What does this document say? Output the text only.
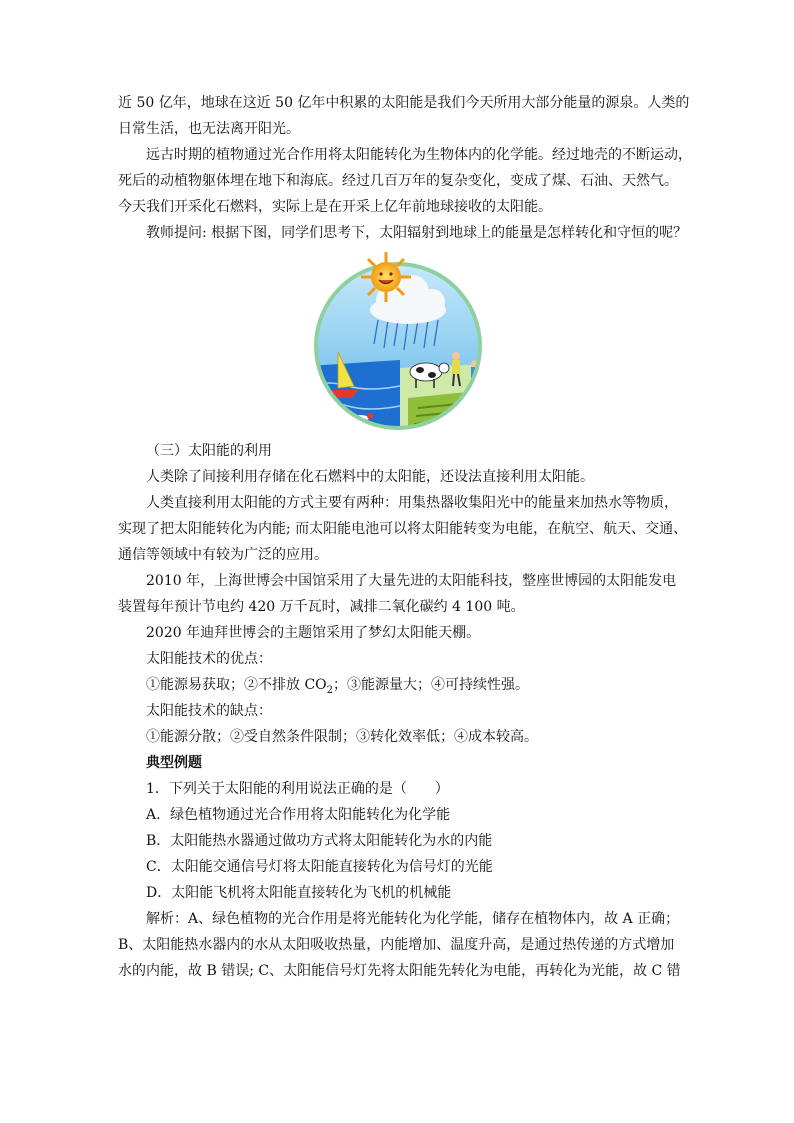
近 50 亿年，地球在这近 50 亿年中积累的太阳能是我们今天所用大部分能量的源泉。人类的

日常生活，也无法离开阳光。

远古时期的植物通过光合作用将太阳能转化为生物体内的化学能。经过地壳的不断运动，

死后的动植物躯体埋在地下和海底。经过几百万年的复杂变化，变成了煤、石油、天然气。

今天我们开采化石燃料，实际上是在开采上亿年前地球接收的太阳能。

教师提问: 根据下图，同学们思考下，太阳辐射到地球上的能量是怎样转化和守恒的呢？

（三）太阳能的利用

人类除了间接利用存储在化石燃料中的太阳能，还设法直接利用太阳能。

人类直接利用太阳能的方式主要有两种：用集热器收集阳光中的能量来加热水等物质，

实现了把太阳能转化为内能; 而太阳能电池可以将太阳能转变为电能，在航空、航天、交通、

通信等领域中有较为广泛的应用。

2010 年，上海世博会中国馆采用了大量先进的太阳能科技，整座世博园的太阳能发电

装置每年预计节电约 420 万千瓦时，减排二氧化碳约 4 100 吨。

2020 年迪拜世博会的主题馆采用了梦幻太阳能天棚。

太阳能技术的优点：

①能源易获取；②不排放 $CO_2$；③能源量大；④可持续性强。

太阳能技术的缺点：

①能源分散；②受自然条件限制；③转化效率低；④成本较高。

典型例题

1．下列关于太阳能的利用说法正确的是（　　）

A．绿色植物通过光合作用将太阳能转化为化学能

B．太阳能热水器通过做功方式将太阳能转化为水的内能

C．太阳能交通信号灯将太阳能直接转化为信号灯的光能

D．太阳能飞机将太阳能直接转化为飞机的机械能

解析：A、绿色植物的光合作用是将光能转化为化学能，储存在植物体内，故 A 正确；

B、太阳能热水器内的水从太阳吸收热量，内能增加、温度升高，是通过热传递的方式增加

水的内能，故 B 错误; C、太阳能信号灯先将太阳能先转化为电能，再转化为光能，故 C 错
